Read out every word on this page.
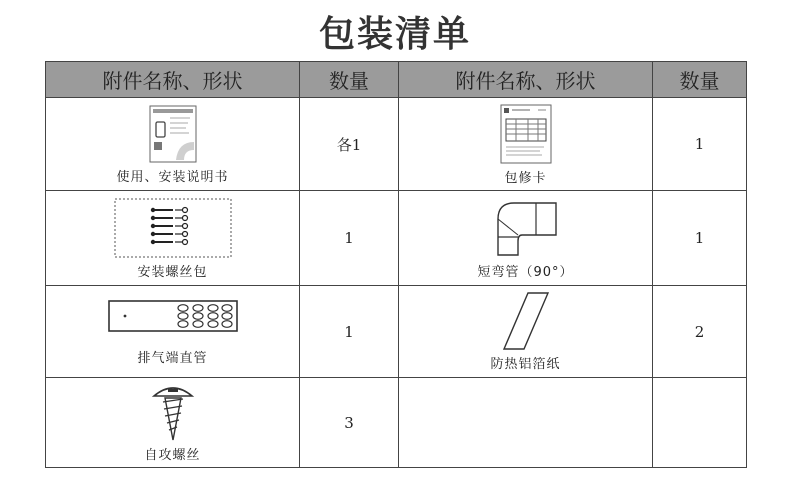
包装清单
附件名称、形状	数量	附件名称、形状	数量

使用、安装说明书	各1	包修卡	1

安装螺丝包	1	短弯管（90°）	1

排气端直管	1	防热铝箔纸	2

自攻螺丝	3		
